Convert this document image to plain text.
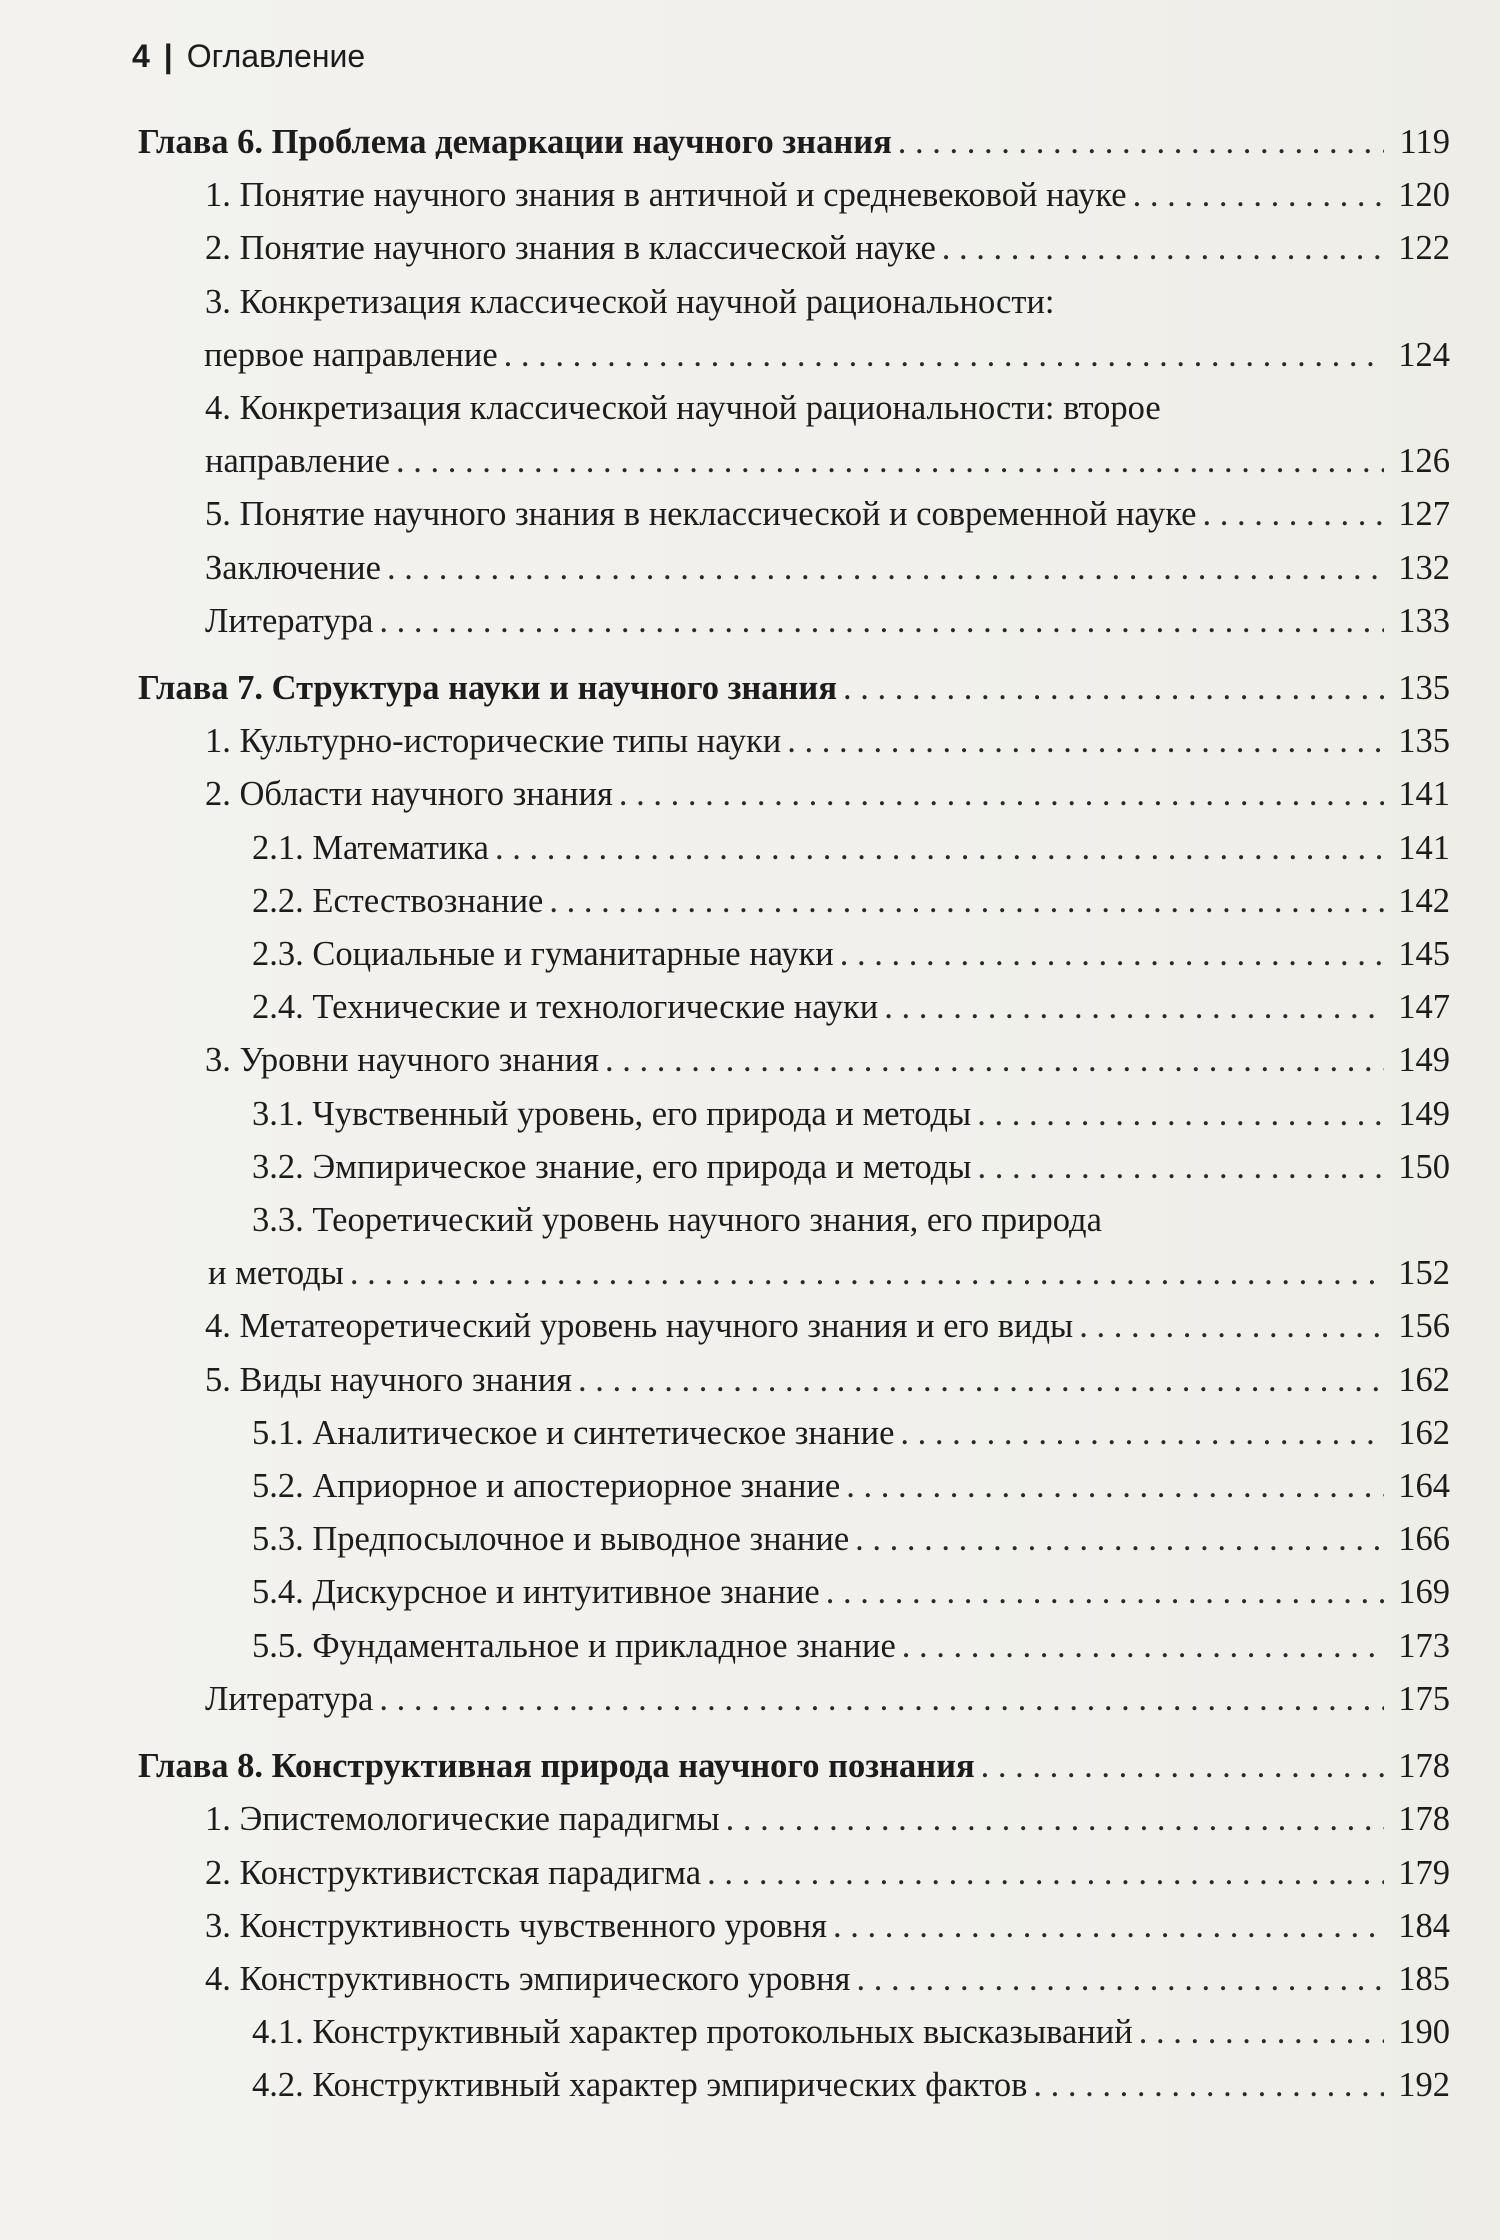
4 | Оглавление
Глава 6. Проблема демаркации научного знания . . .	119
1. Понятие научного знания в античной и средневековой науке . . .	120
2. Понятие научного знания в классической науке . . .	122
3. Конкретизация классической научной рациональности:
первое направление . . .	124
4. Конкретизация классической научной рациональности: второе
направление . . .	126
5. Понятие научного знания в неклассической и современной науке . . .	127
Заключение . . .	132
Литература . . .	133
Глава 7. Структура науки и научного знания . . .	135
1. Культурно-исторические типы науки . . .	135
2. Области научного знания . . .	141
2.1. Математика . . .	141
2.2. Естествознание . . .	142
2.3. Социальные и гуманитарные науки . . .	145
2.4. Технические и технологические науки . . .	147
3. Уровни научного знания . . .	149
3.1. Чувственный уровень, его природа и методы . . .	149
3.2. Эмпирическое знание, его природа и методы . . .	150
3.3. Теоретический уровень научного знания, его природа
и методы . . .	152
4. Метатеоретический уровень научного знания и его виды . . .	156
5. Виды научного знания . . .	162
5.1. Аналитическое и синтетическое знание . . .	162
5.2. Априорное и апостериорное знание . . .	164
5.3. Предпосылочное и выводное знание . . .	166
5.4. Дискурсное и интуитивное знание . . .	169
5.5. Фундаментальное и прикладное знание . . .	173
Литература . . .	175
Глава 8. Конструктивная природа научного познания . . .	178
1. Эпистемологические парадигмы . . .	178
2. Конструктивистская парадигма . . .	179
3. Конструктивность чувственного уровня . . .	184
4. Конструктивность эмпирического уровня . . .	185
4.1. Конструктивный характер протокольных высказываний . . .	190
4.2. Конструктивный характер эмпирических фактов . . .	192
